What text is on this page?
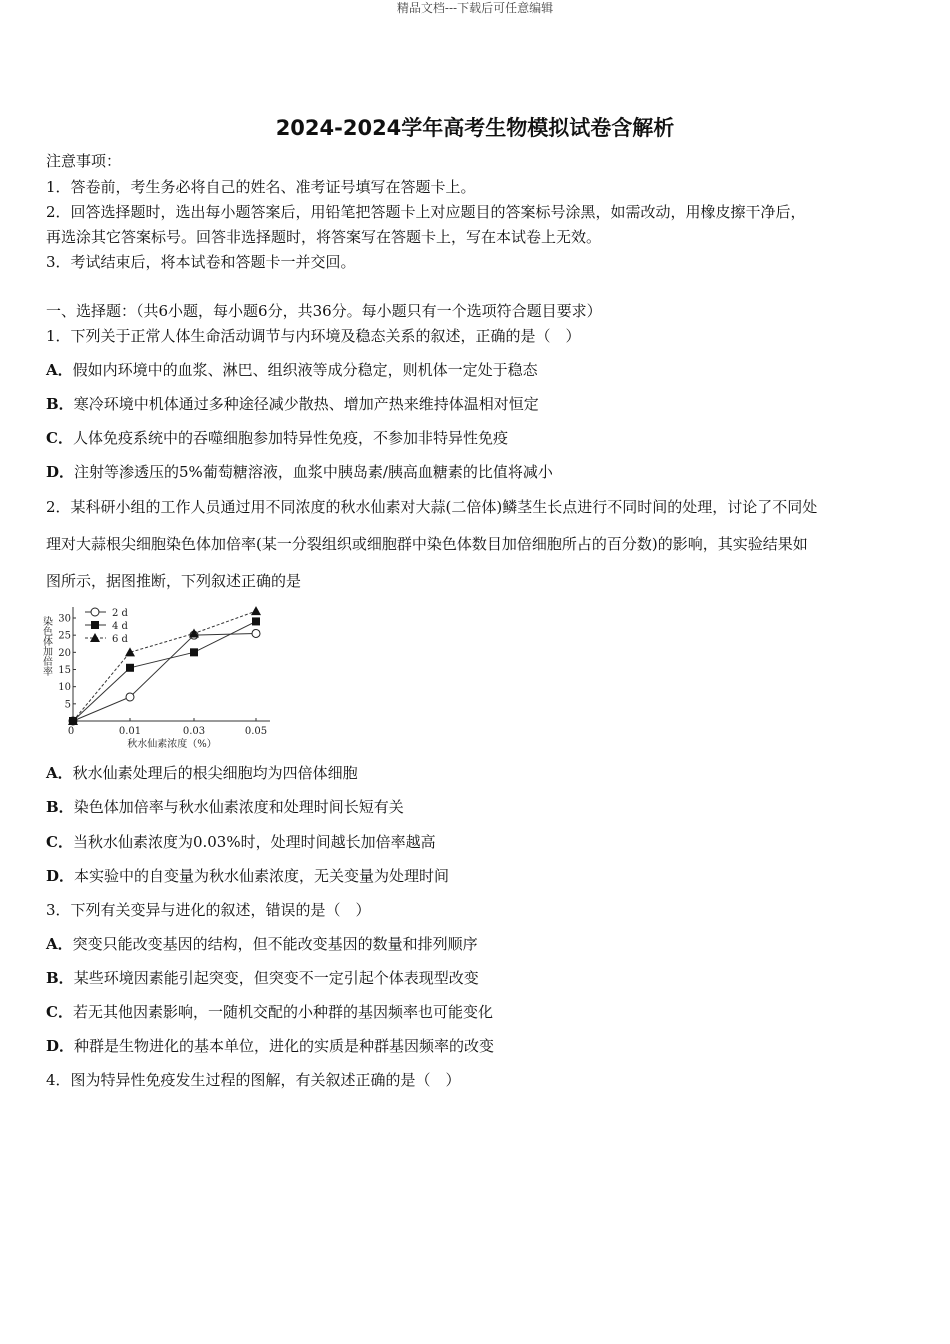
精品文档---下载后可任意编辑
2024-2024学年高考生物模拟试卷含解析
注意事项：
1．答卷前，考生务必将自己的姓名、准考证号填写在答题卡上。
2．回答选择题时，选出每小题答案后，用铅笔把答题卡上对应题目的答案标号涂黑，如需改动，用橡皮擦干净后，
再选涂其它答案标号。回答非选择题时，将答案写在答题卡上，写在本试卷上无效。
3．考试结束后，将本试卷和答题卡一并交回。
一、选择题：（共6小题，每小题6分，共36分。每小题只有一个选项符合题目要求）
1．下列关于正常人体生命活动调节与内环境及稳态关系的叙述，正确的是（　）
A．假如内环境中的血浆、淋巴、组织液等成分稳定，则机体一定处于稳态
B．寒冷环境中机体通过多种途径减少散热、增加产热来维持体温相对恒定
C．人体免疫系统中的吞噬细胞参加特异性免疫，不参加非特异性免疫
D．注射等渗透压的5%葡萄糖溶液，血浆中胰岛素/胰高血糖素的比值将减小
2．某科研小组的工作人员通过用不同浓度的秋水仙素对大蒜(二倍体)鳞茎生长点进行不同时间的处理，讨论了不同处
理对大蒜根尖细胞染色体加倍率(某一分裂组织或细胞群中染色体数目加倍细胞所占的百分数)的影响，其实验结果如
图所示，据图推断，下列叙述正确的是
5
10
15
20
25
30
0	0.01	0.03	0.05
秋水仙素浓度（%）
染色体加倍率
2 d
4 d
6 d
A．秋水仙素处理后的根尖细胞均为四倍体细胞
B．染色体加倍率与秋水仙素浓度和处理时间长短有关
C．当秋水仙素浓度为0.03%时，处理时间越长加倍率越高
D．本实验中的自变量为秋水仙素浓度，无关变量为处理时间
3．下列有关变异与进化的叙述，错误的是（　）
A．突变只能改变基因的结构，但不能改变基因的数量和排列顺序
B．某些环境因素能引起突变，但突变不一定引起个体表现型改变
C．若无其他因素影响，一随机交配的小种群的基因频率也可能变化
D．种群是生物进化的基本单位，进化的实质是种群基因频率的改变
4．图为特异性免疫发生过程的图解，有关叙述正确的是（　）
